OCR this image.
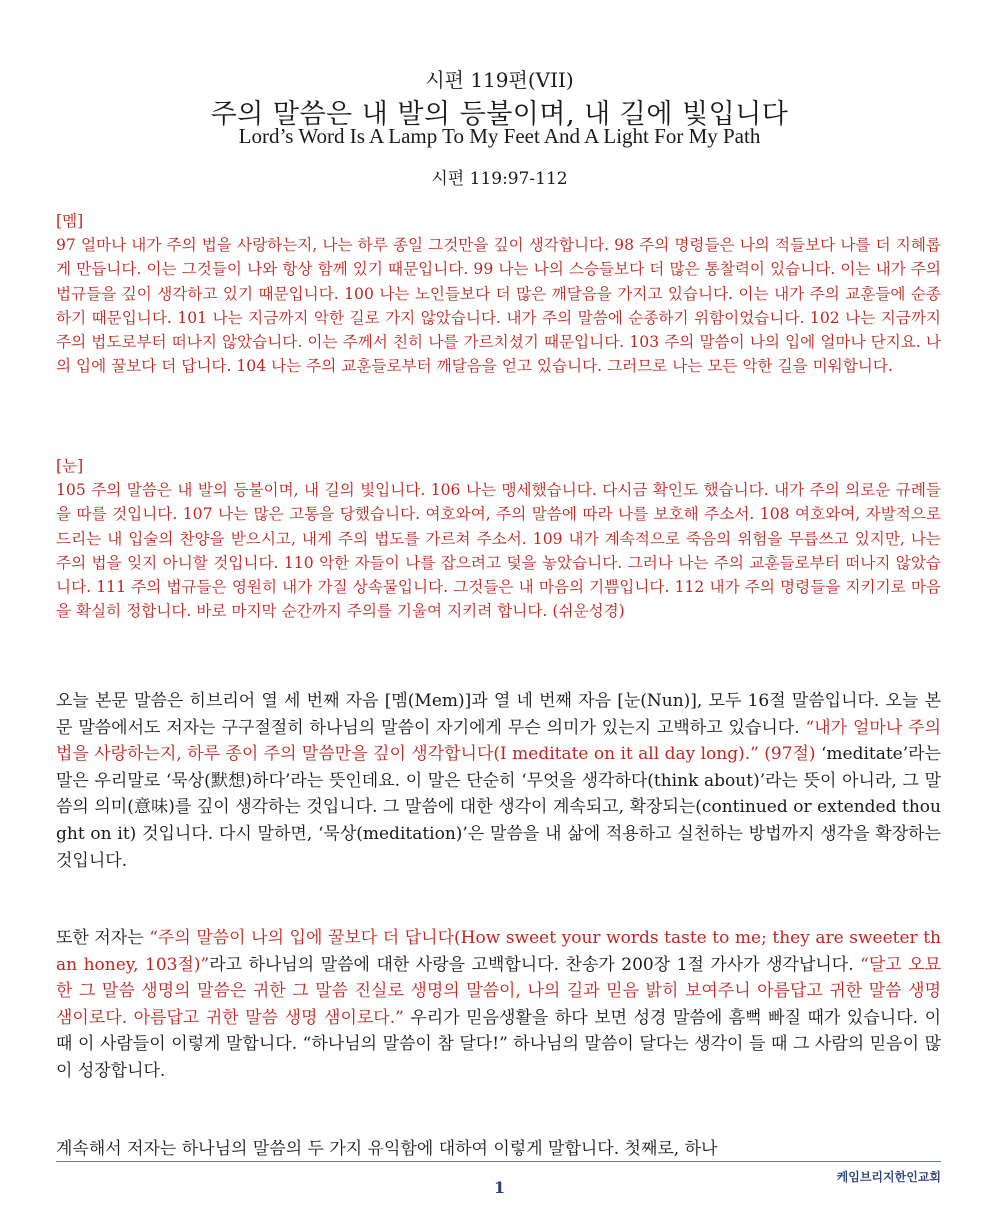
시편 119편(VII)
주의 말씀은 내 발의 등불이며, 내 길에 빛입니다
Lord’s Word Is A Lamp To My Feet And A Light For My Path
시편 119:97-112
[멤]
97 얼마나 내가 주의 법을 사랑하는지, 나는 하루 종일 그것만을 깊이 생각합니다. 98 주의 명령들은 나의 적들보다 나를 더 지혜롭게 만듭니다. 이는 그것들이 나와 항상 함께 있기 때문입니다. 99 나는 나의 스승들보다 더 많은 통찰력이 있습니다. 이는 내가 주의 법규들을 깊이 생각하고 있기 때문입니다. 100 나는 노인들보다 더 많은 깨달음을 가지고 있습니다. 이는 내가 주의 교훈들에 순종하기 때문입니다. 101 나는 지금까지 악한 길로 가지 않았습니다. 내가 주의 말씀에 순종하기 위함이었습니다. 102 나는 지금까지 주의 법도로부터 떠나지 않았습니다. 이는 주께서 친히 나를 가르치셨기 때문입니다. 103 주의 말씀이 나의 입에 얼마나 단지요. 나의 입에 꿀보다 더 답니다. 104 나는 주의 교훈들로부터 깨달음을 얻고 있습니다. 그러므로 나는 모든 악한 길을 미워합니다.
[눈]
105 주의 말씀은 내 발의 등불이며, 내 길의 빛입니다. 106 나는 맹세했습니다. 다시금 확인도 했습니다. 내가 주의 의로운 규례들을 따를 것입니다. 107 나는 많은 고통을 당했습니다. 여호와여, 주의 말씀에 따라 나를 보호해 주소서. 108 여호와여, 자발적으로 드리는 내 입술의 찬양을 받으시고, 내게 주의 법도를 가르쳐 주소서. 109 내가 계속적으로 죽음의 위험을 무릅쓰고 있지만, 나는 주의 법을 잊지 아니할 것입니다. 110 악한 자들이 나를 잡으려고 덫을 놓았습니다. 그러나 나는 주의 교훈들로부터 떠나지 않았습니다. 111 주의 법규들은 영원히 내가 가질 상속물입니다. 그것들은 내 마음의 기쁨입니다. 112 내가 주의 명령들을 지키기로 마음을 확실히 정합니다. 바로 마지막 순간까지 주의를 기울여 지키려 합니다. (쉬운성경)
오늘 본문 말씀은 히브리어 열 세 번째 자음 [멤(Mem)]과 열 네 번째 자음 [눈(Nun)], 모두 16절 말씀입니다. 오늘 본문 말씀에서도 저자는 구구절절히 하나님의 말씀이 자기에게 무슨 의미가 있는지 고백하고 있습니다. “내가 얼마나 주의 법을 사랑하는지, 하루 종이 주의 말씀만을 깊이 생각합니다(I meditate on it all day long).” (97절) ‘meditate’라는 말은 우리말로 ‘묵상(默想)하다’라는 뜻인데요. 이 말은 단순히 ‘무엇을 생각하다(think about)’라는 뜻이 아니라, 그 말씀의 의미(意味)를 깊이 생각하는 것입니다. 그 말씀에 대한 생각이 계속되고, 확장되는(continued or extended thought on it) 것입니다. 다시 말하면, ‘묵상(meditation)’은 말씀을 내 삶에 적용하고 실천하는 방법까지 생각을 확장하는 것입니다.
또한 저자는 “주의 말씀이 나의 입에 꿀보다 더 답니다(How sweet your words taste to me; they are sweeter than honey, 103절)”라고 하나님의 말씀에 대한 사랑을 고백합니다. 찬송가 200장 1절 가사가 생각납니다. “달고 오묘한 그 말씀 생명의 말씀은 귀한 그 말씀 진실로 생명의 말씀이, 나의 길과 믿음 밝히 보여주니 아름답고 귀한 말씀 생명 샘이로다. 아름답고 귀한 말씀 생명 샘이로다.” 우리가 믿음생활을 하다 보면 성경 말씀에 흠뻑 빠질 때가 있습니다. 이 때 이 사람들이 이렇게 말합니다. “하나님의 말씀이 참 달다!” 하나님의 말씀이 달다는 생각이 들 때 그 사람의 믿음이 많이 성장합니다.
계속해서 저자는 하나님의 말씀의 두 가지 유익함에 대하여 이렇게 말합니다. 첫째로, 하나
케임브리지한인교회
1
